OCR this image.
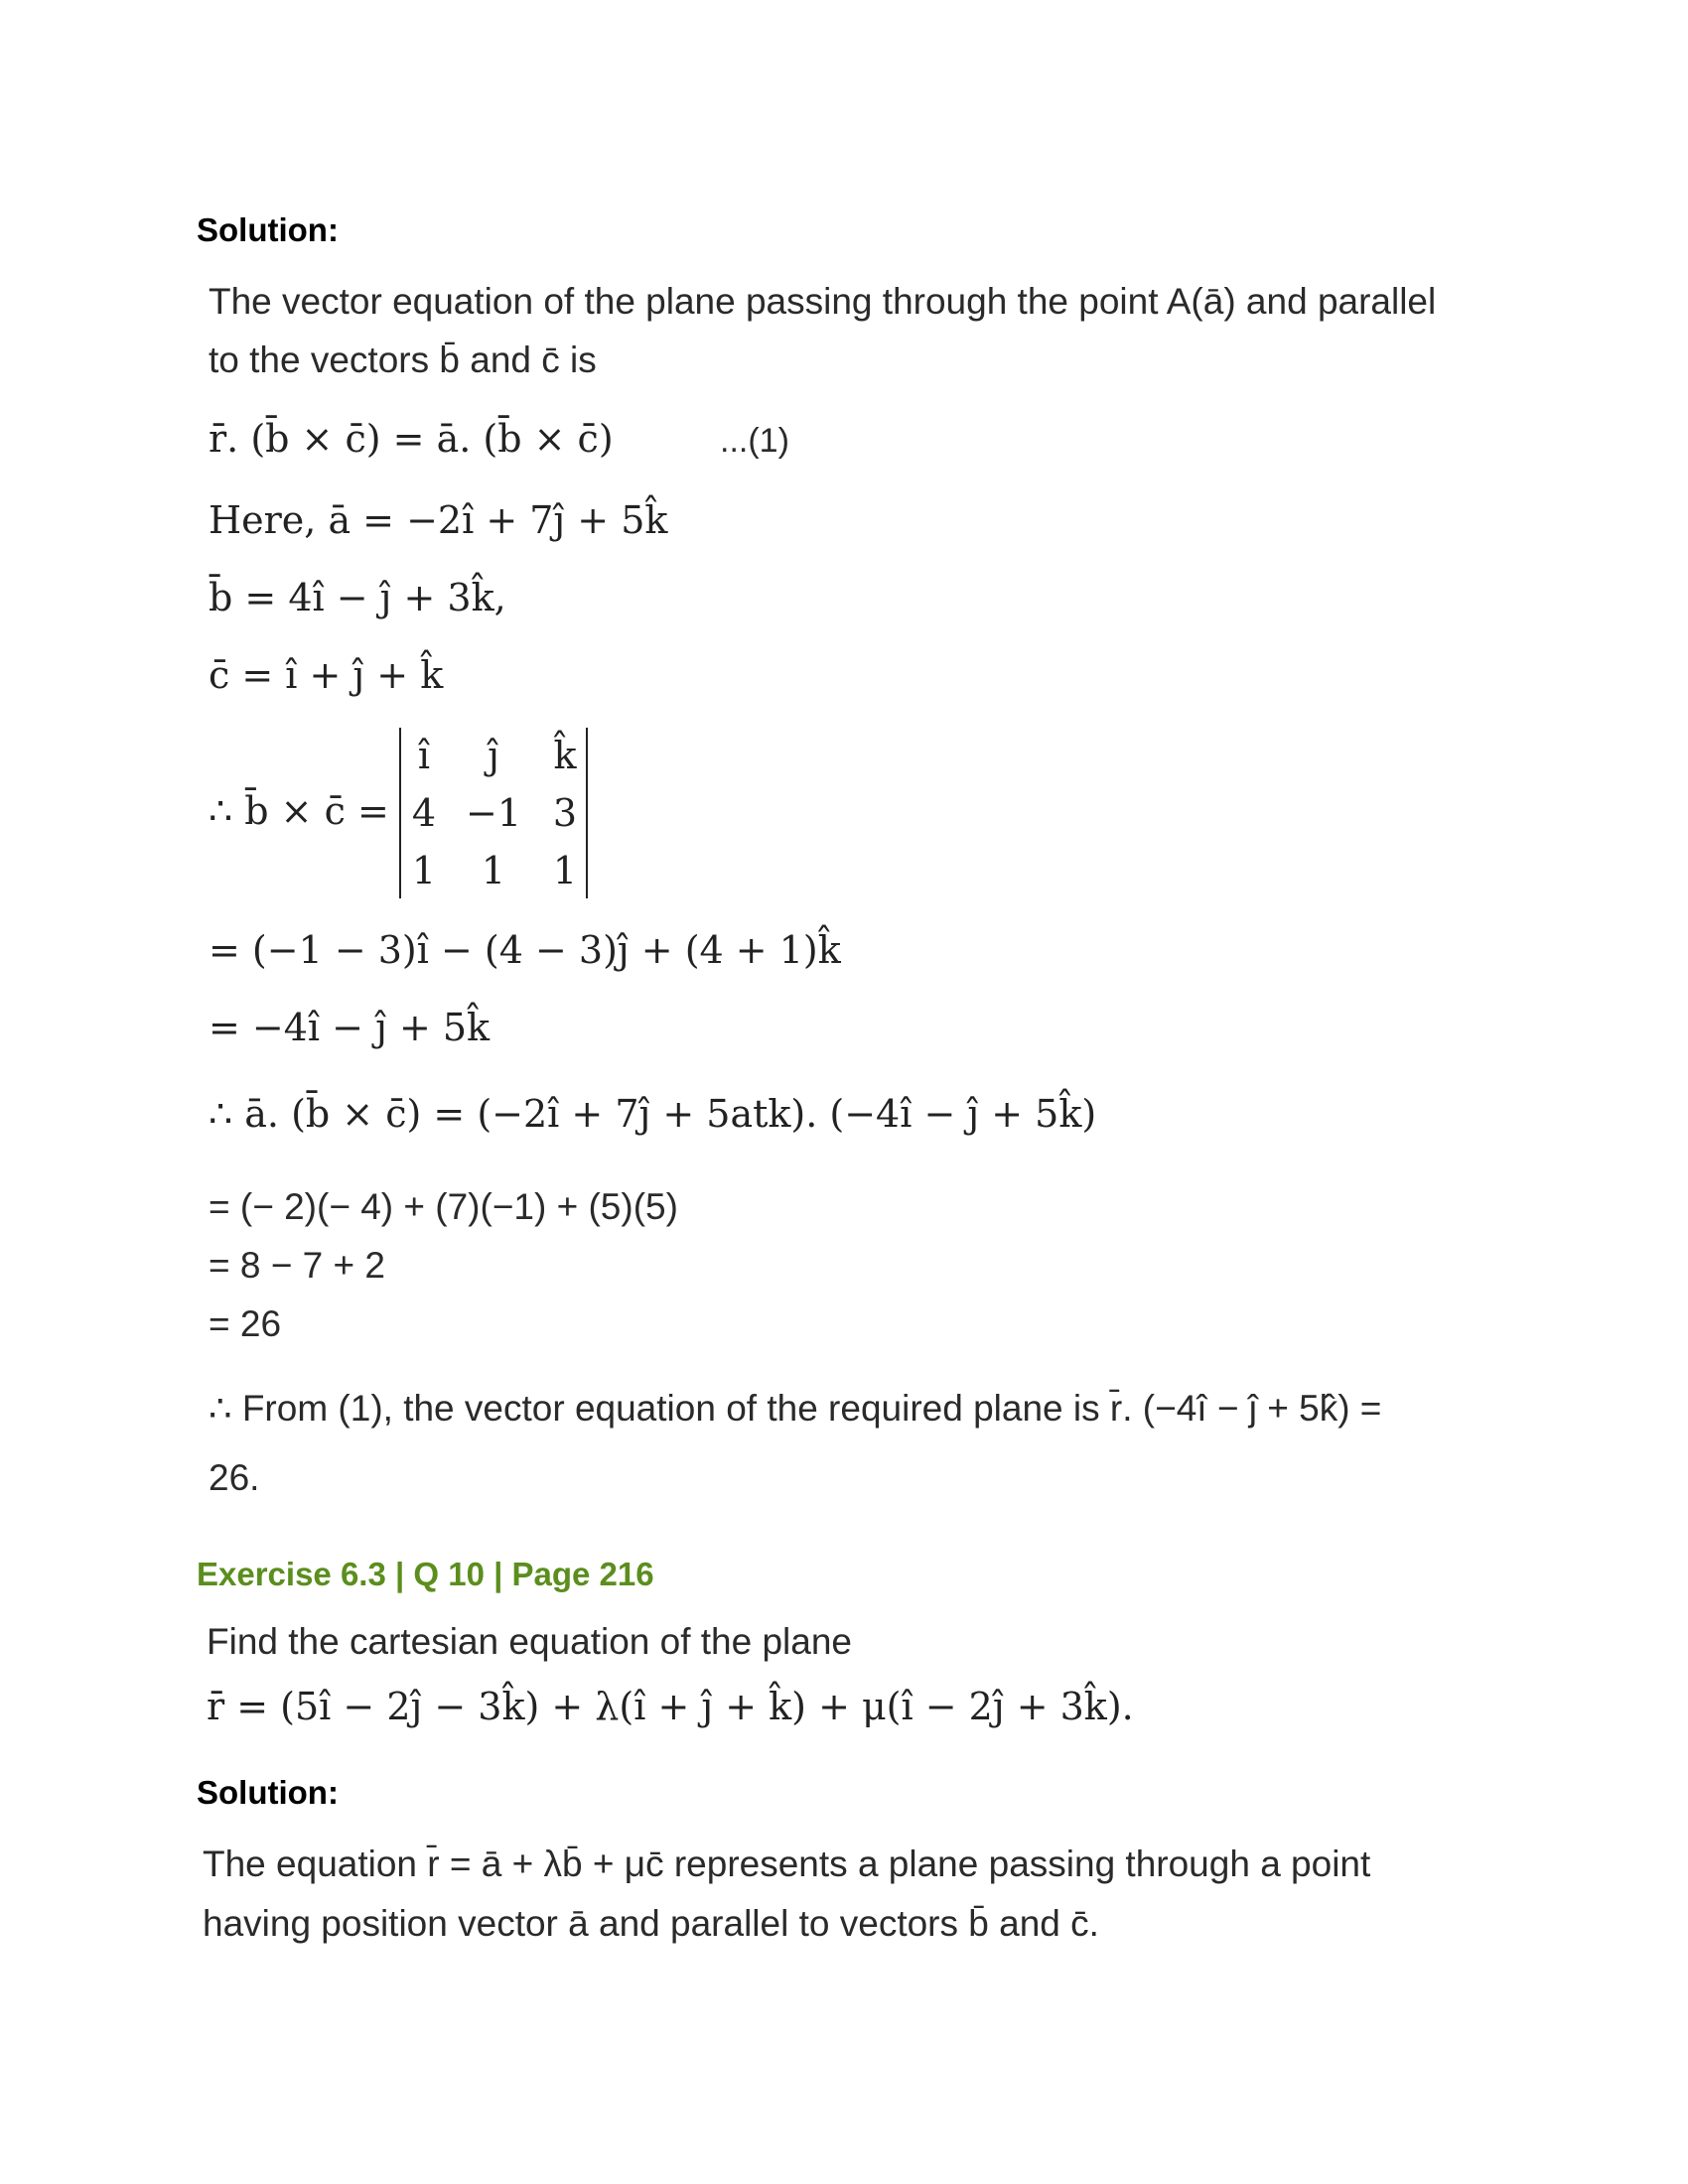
Solution:
The vector equation of the plane passing through the point A(ā) and parallel
to the vectors b̄ and c̄ is
r̄. (b̄ × c̄) = ā. (b̄ × c̄)	...(1)
Here, ā = −2î + 7ĵ + 5k̂
b̄ = 4î − ĵ + 3k̂,
c̄ = î + ĵ + k̂
∴ b̄ × c̄ =
î	ĵ	k̂
4 −1 3
1	1	1
= (−1 − 3)î − (4 − 3)ĵ + (4 + 1)k̂
= −4î − ĵ + 5k̂
∴ ā. (b̄ × c̄) = (−2î + 7ĵ + 5atk). (−4î − ĵ + 5k̂)
= (− 2)(− 4) + (7)(−1) + (5)(5)
= 8 − 7 + 2
= 26
∴ From (1), the vector equation of the required plane is r̄. (−4î − ĵ + 5k̂) =
26.
Exercise 6.3 | Q 10 | Page 216
Find the cartesian equation of the plane
r̄ = (5î − 2ĵ − 3k̂) + λ(î + ĵ + k̂) + μ(î − 2ĵ + 3k̂).
Solution:
The equation r̄ = ā + λb̄ + μc̄ represents a plane passing through a point
having position vector ā and parallel to vectors b̄ and c̄.
